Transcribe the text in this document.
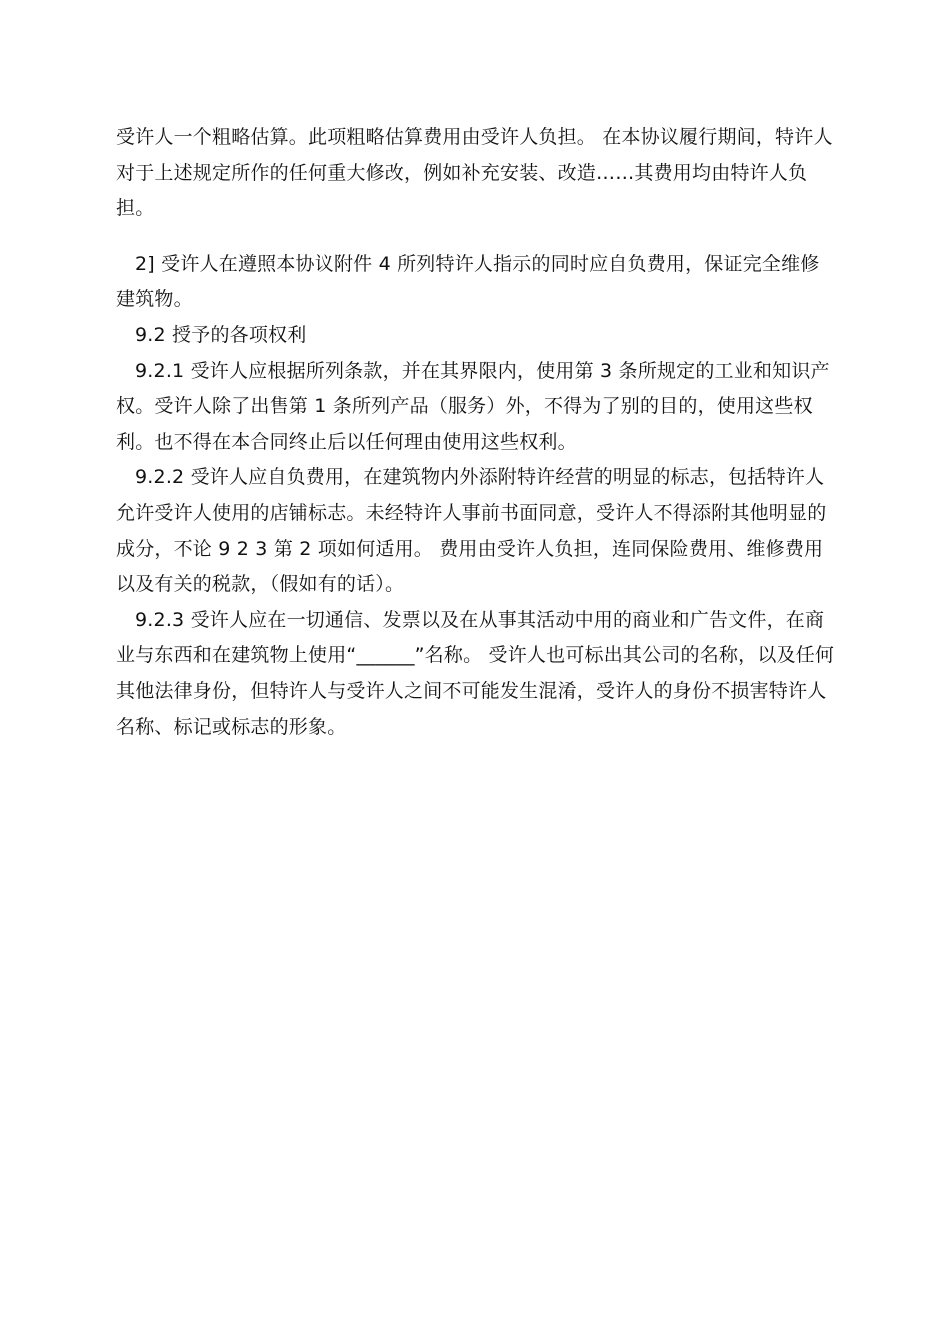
受许人一个粗略估算。此项粗略估算费用由受许人负担。 在本协议履行期间，特许人对于上述规定所作的任何重大修改，例如补充安装、改造……其费用均由特许人负担。

2] 受许人在遵照本协议附件 4 所列特许人指示的同时应自负费用，保证完全维修建筑物。

9.2 授予的各项权利

9.2.1 受许人应根据所列条款，并在其界限内，使用第 3 条所规定的工业和知识产权。受许人除了出售第 1 条所列产品（服务）外，不得为了别的目的，使用这些权利。也不得在本合同终止后以任何理由使用这些权利。

9.2.2 受许人应自负费用，在建筑物内外添附特许经营的明显的标志，包括特许人允许受许人使用的店铺标志。未经特许人事前书面同意，受许人不得添附其他明显的成分，不论 9 2 3 第 2 项如何适用。 费用由受许人负担，连同保险费用、维修费用以及有关的税款，（假如有的话）。

9.2.3 受许人应在一切通信、发票以及在从事其活动中用的商业和广告文件，在商业与东西和在建筑物上使用“______”名称。 受许人也可标出其公司的名称，以及任何其他法律身份，但特许人与受许人之间不可能发生混淆，受许人的身份不损害特许人名称、标记或标志的形象。
